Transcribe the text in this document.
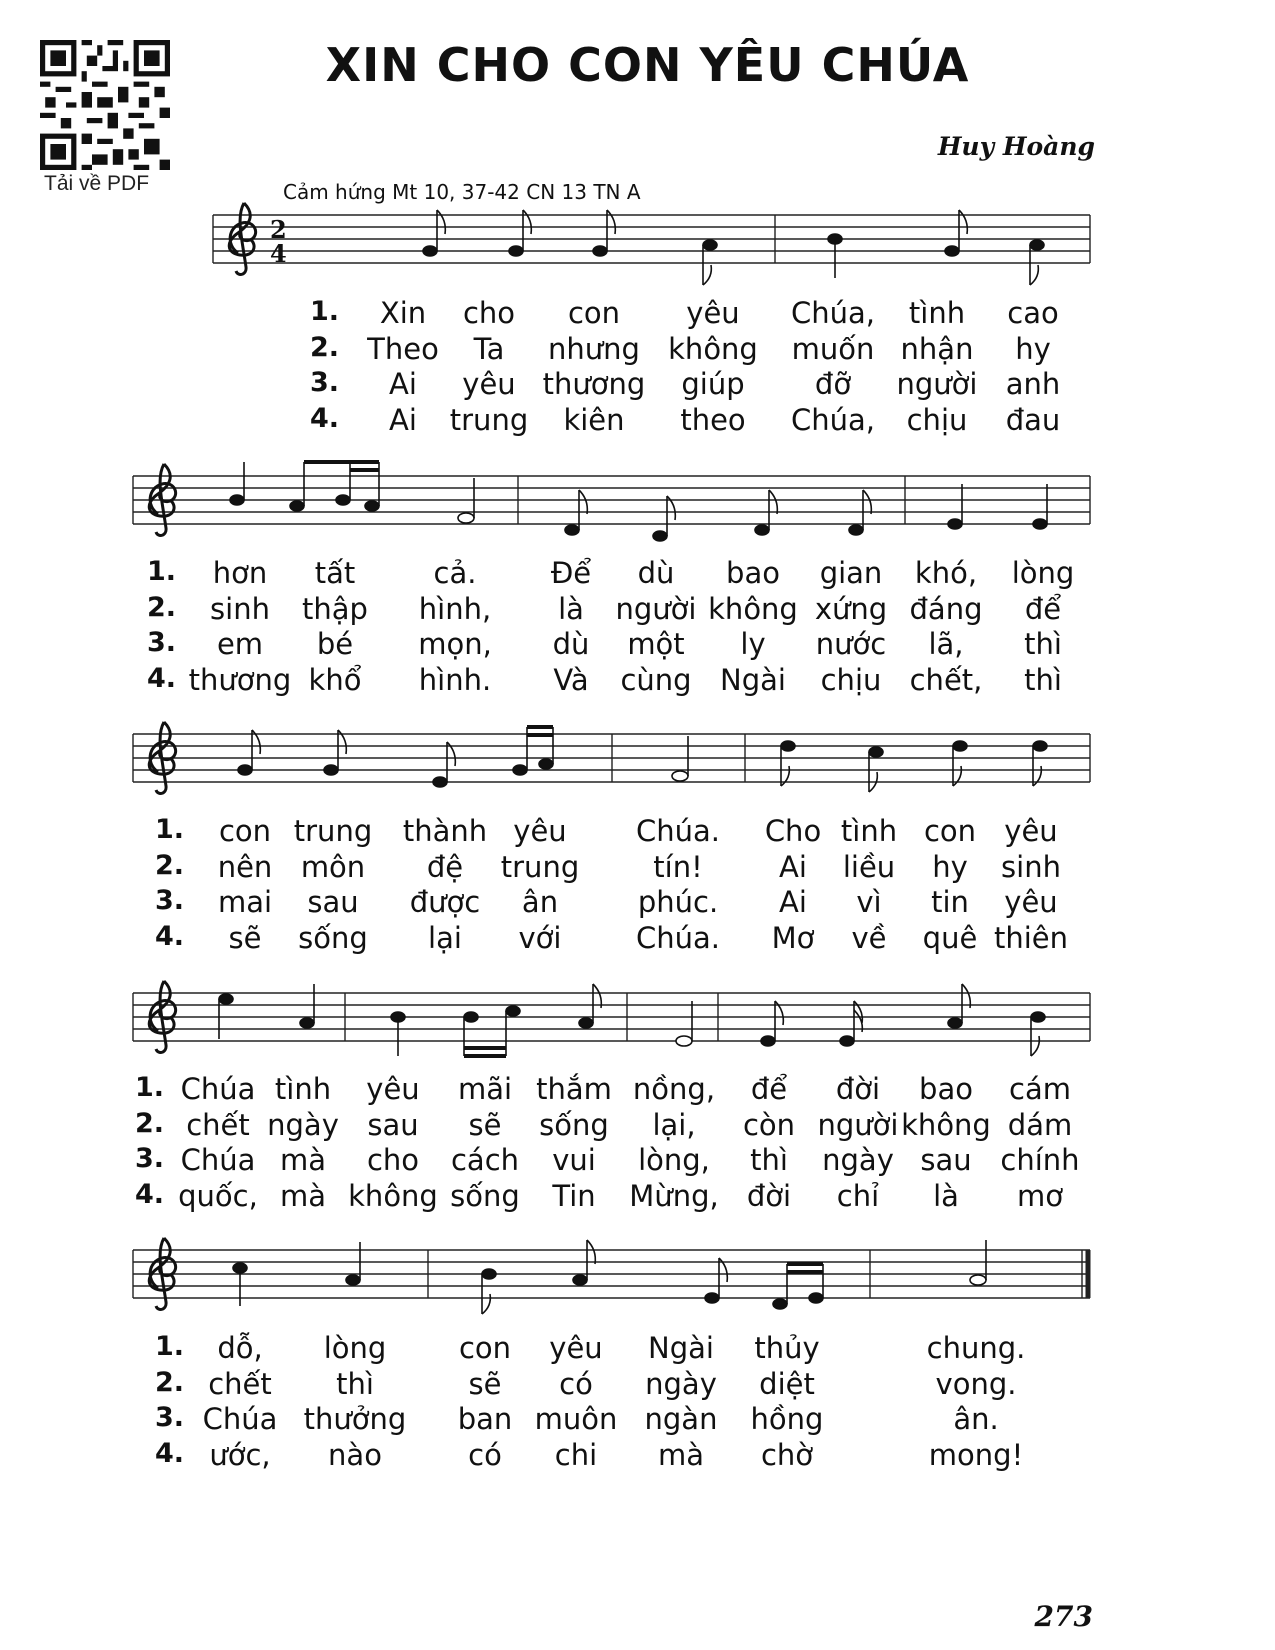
Tải về PDF
XIN CHO CON YÊU CHÚA
Huy Hoàng
Cảm hứng Mt 10, 37-42 CN 13 TN A
2
4
1. Xin cho con yêu Chúa, tình cao
2. Theo Ta nhưng không muốn nhận hy
3. Ai yêu thương giúp đỡ người anh
4. Ai trung kiên theo Chúa, chịu đau
1. hơn tất	cả.	Để dù bao gian khó, lòng
2. sinh thập hình, là người không xứng đáng để
3. em bé mọn, dù một ly nước lã, thì
4. thương khổ hình. Và cùng Ngài chịu chết, thì
1. con trung thành yêu Chúa. Cho tình con yêu
2. nên môn đệ trung	tín!	Ai liều hy sinh
3. mai sau được ân	phúc. Ai vì tin yêu
4. sẽ sống lại với	Chúa. Mơ về quê thiên
1. Chúa tình yêu mãi thắm nồng, để đời bao cám
2. chết ngày sau sẽ sống lại, còn người không dám
3. Chúa mà cho cách vui lòng, thì ngày sau chính
4. quốc, mà không sống Tin Mừng, đời chỉ là mơ
1. dỗ, lòng	con yêu Ngài thủy	chung.
2. chết thì	sẽ có ngày diệt	vong.
3. Chúa thưởng ban muôn ngàn hồng	ân.
4. ước, nào	có chi mà chờ	mong!
273
